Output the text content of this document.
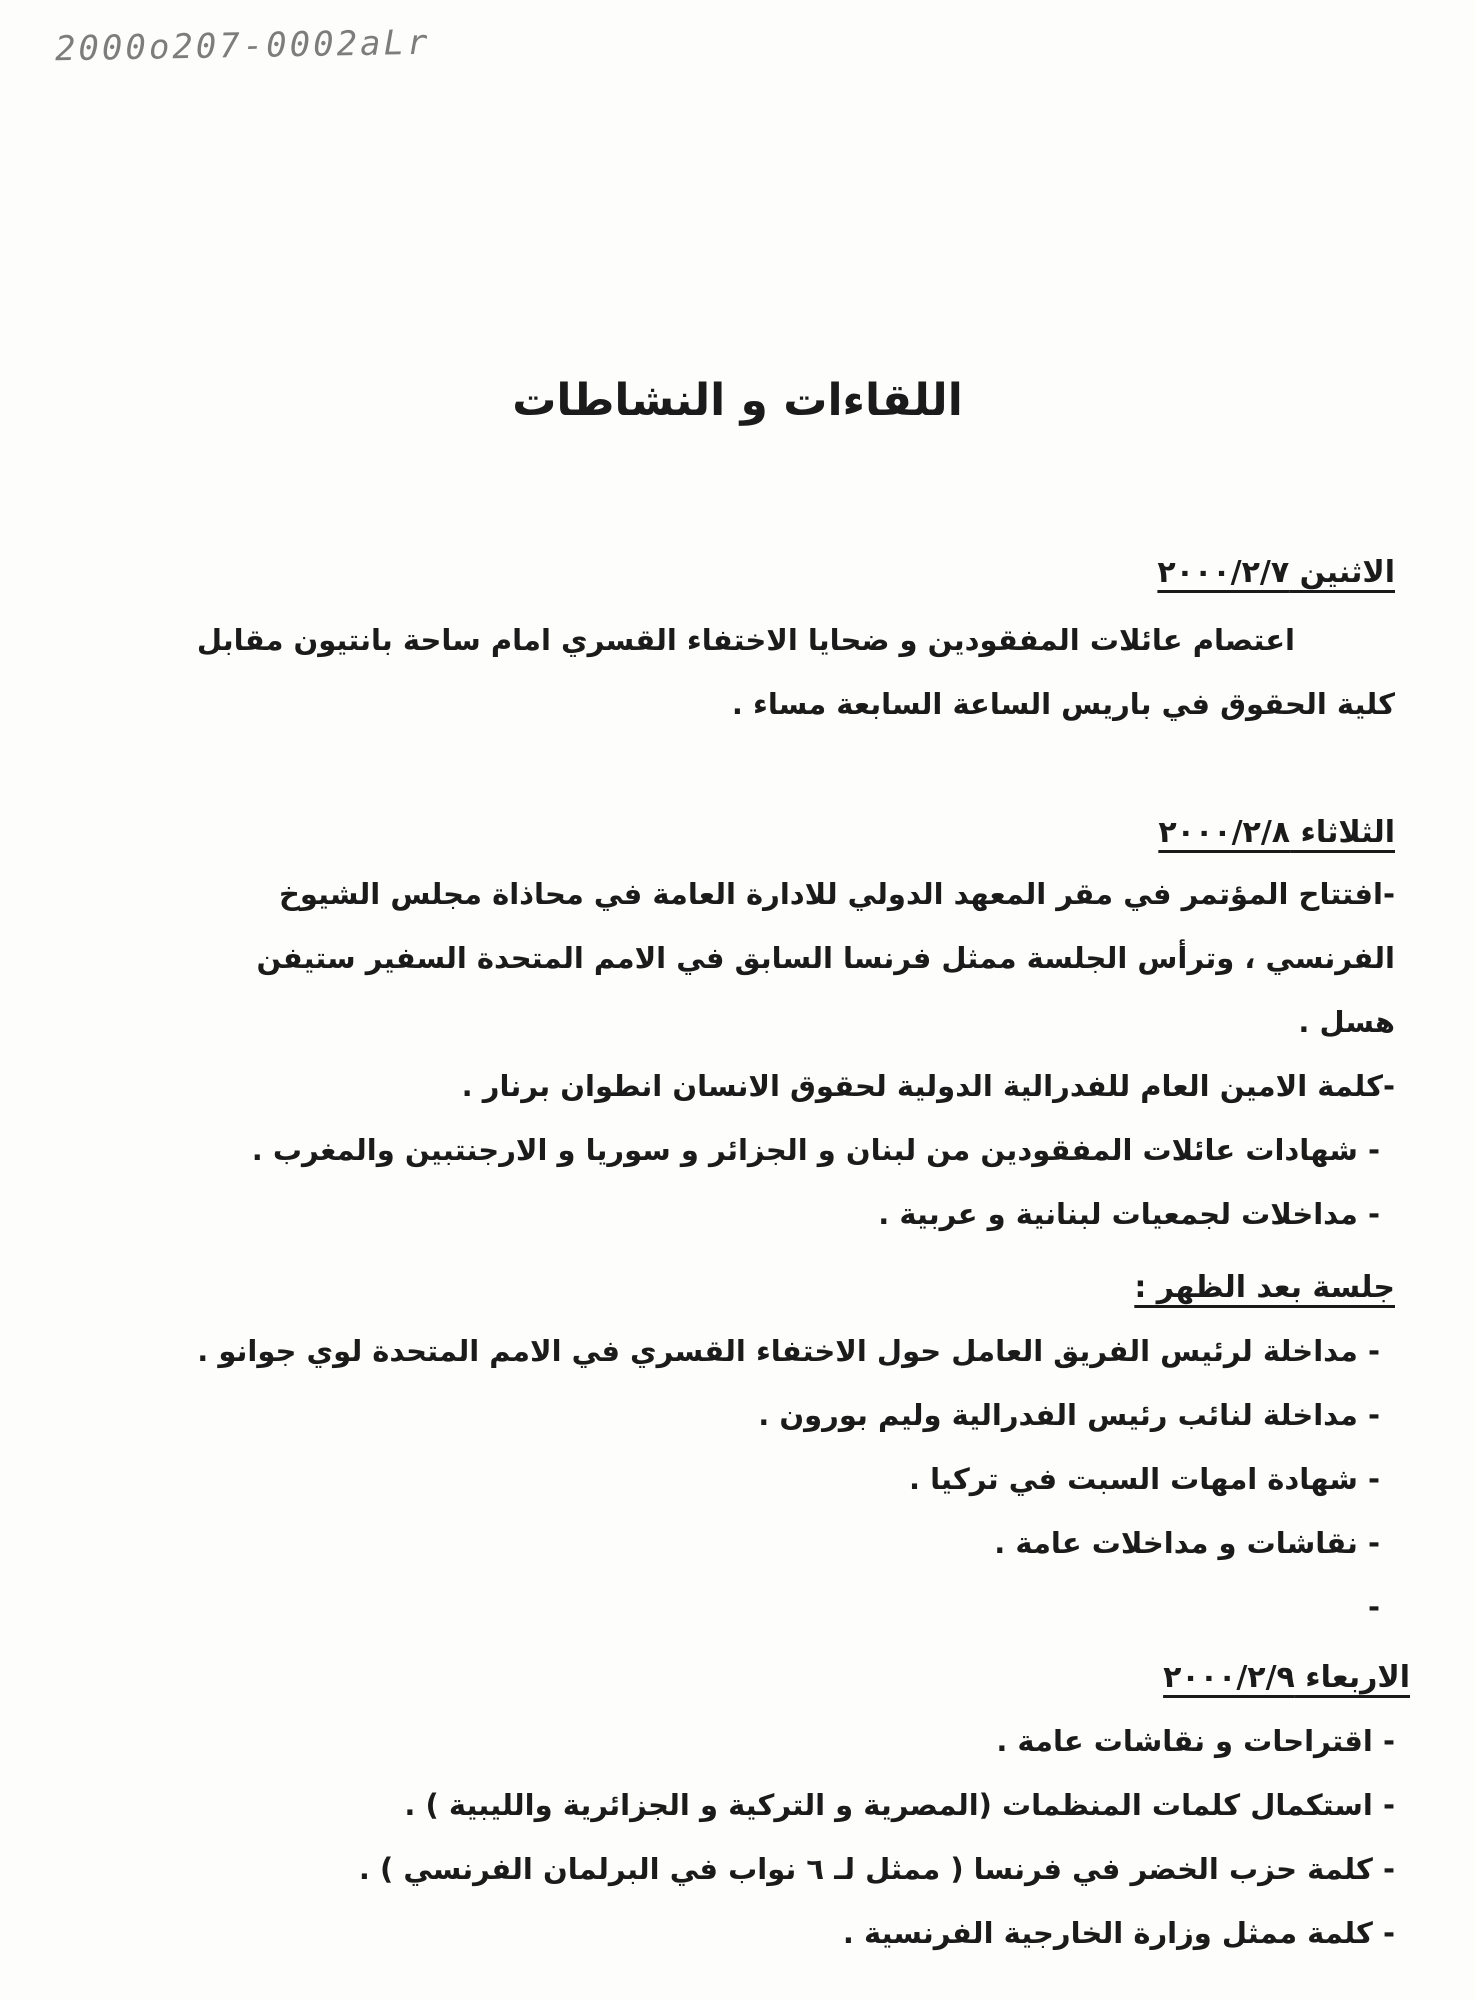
2000o207-0002aLr
اللقاءات و النشاطات

الاثنين ٢٠٠٠/٢/٧

اعتصام عائلات المفقودين و ضحايا الاختفاء القسري امام ساحة بانتيون مقابل كلية الحقوق في باريس الساعة السابعة مساء .

الثلاثاء ٢٠٠٠/٢/٨

-افتتاح المؤتمر في مقر المعهد الدولي للادارة العامة في محاذاة مجلس الشيوخ الفرنسي ، وترأس الجلسة ممثل فرنسا السابق في الامم المتحدة السفير ستيفن هسل .

-كلمة الامين العام للفدرالية الدولية لحقوق الانسان انطوان برنار .

- شهادات عائلات المفقودين من لبنان و الجزائر و سوريا و الارجنتبين والمغرب .

- مداخلات لجمعيات لبنانية و عربية .

جلسة بعد الظهر :

- مداخلة لرئيس الفريق العامل حول الاختفاء القسري في الامم المتحدة لوي جوانو .
- مداخلة لنائب رئيس الفدرالية وليم بورون .
- شهادة امهات السبت في تركيا .
- نقاشات و مداخلات عامة .
-

الاربعاء ٢٠٠٠/٢/٩

- اقتراحات و نقاشات عامة .
- استكمال كلمات المنظمات (المصرية و التركية و الجزائرية والليبية ) .
- كلمة حزب الخضر في فرنسا ( ممثل لـ ٦ نواب في البرلمان الفرنسي ) .
- كلمة ممثل وزارة الخارجية الفرنسية .
